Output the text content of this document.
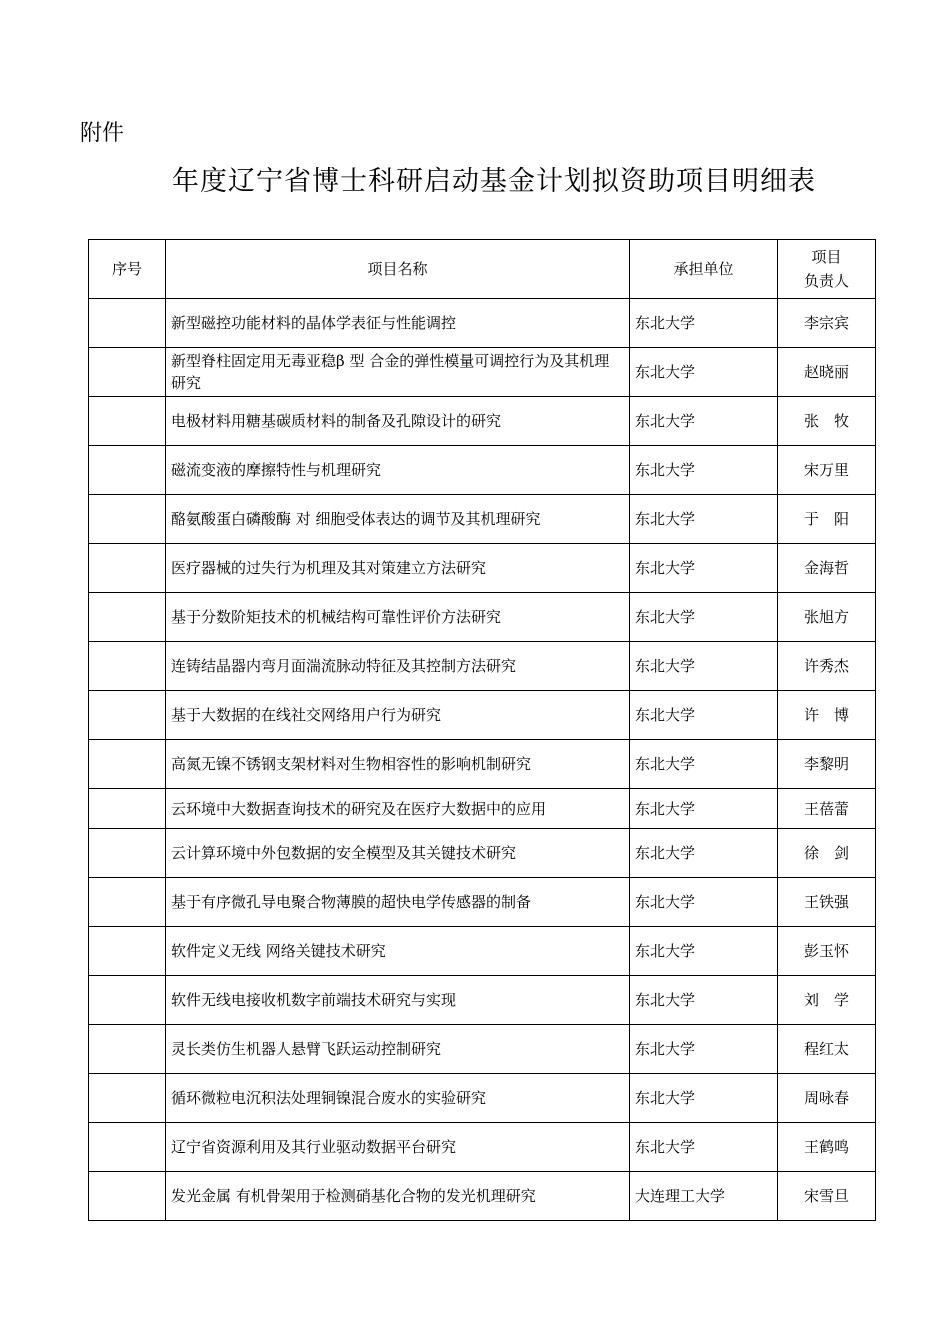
附件
年度辽宁省博士科研启动基金计划拟资助项目明细表
序号	项目名称	承担单位	项目
负责人

	新型磁控功能材料的晶体学表征与性能调控	东北大学	李宗宾
	新型脊柱固定用无毒亚稳β 型 合金的弹性模量可调控行为及其机理研究	东北大学	赵晓丽
	电极材料用糖基碳质材料的制备及孔隙设计的研究	东北大学	张　牧
	磁流变液的摩擦特性与机理研究	东北大学	宋万里
	酪氨酸蛋白磷酸酶 对 细胞受体表达的调节及其机理研究	东北大学	于　阳
	医疗器械的过失行为机理及其对策建立方法研究	东北大学	金海哲
	基于分数阶矩技术的机械结构可靠性评价方法研究	东北大学	张旭方
	连铸结晶器内弯月面湍流脉动特征及其控制方法研究	东北大学	许秀杰
	基于大数据的在线社交网络用户行为研究	东北大学	许　博
	高氮无镍不锈钢支架材料对生物相容性的影响机制研究	东北大学	李黎明
	云环境中大数据查询技术的研究及在医疗大数据中的应用	东北大学	王蓓蕾
	云计算环境中外包数据的安全模型及其关键技术研究	东北大学	徐　剑
	基于有序微孔导电聚合物薄膜的超快电学传感器的制备	东北大学	王铁强
	软件定义无线 网络关键技术研究	东北大学	彭玉怀
	软件无线电接收机数字前端技术研究与实现	东北大学	刘　学
	灵长类仿生机器人悬臂飞跃运动控制研究	东北大学	程红太
	循环微粒电沉积法处理铜镍混合废水的实验研究	东北大学	周咏春
	辽宁省资源利用及其行业驱动数据平台研究	东北大学	王鹤鸣
	发光金属 有机骨架用于检测硝基化合物的发光机理研究	大连理工大学	宋雪旦
